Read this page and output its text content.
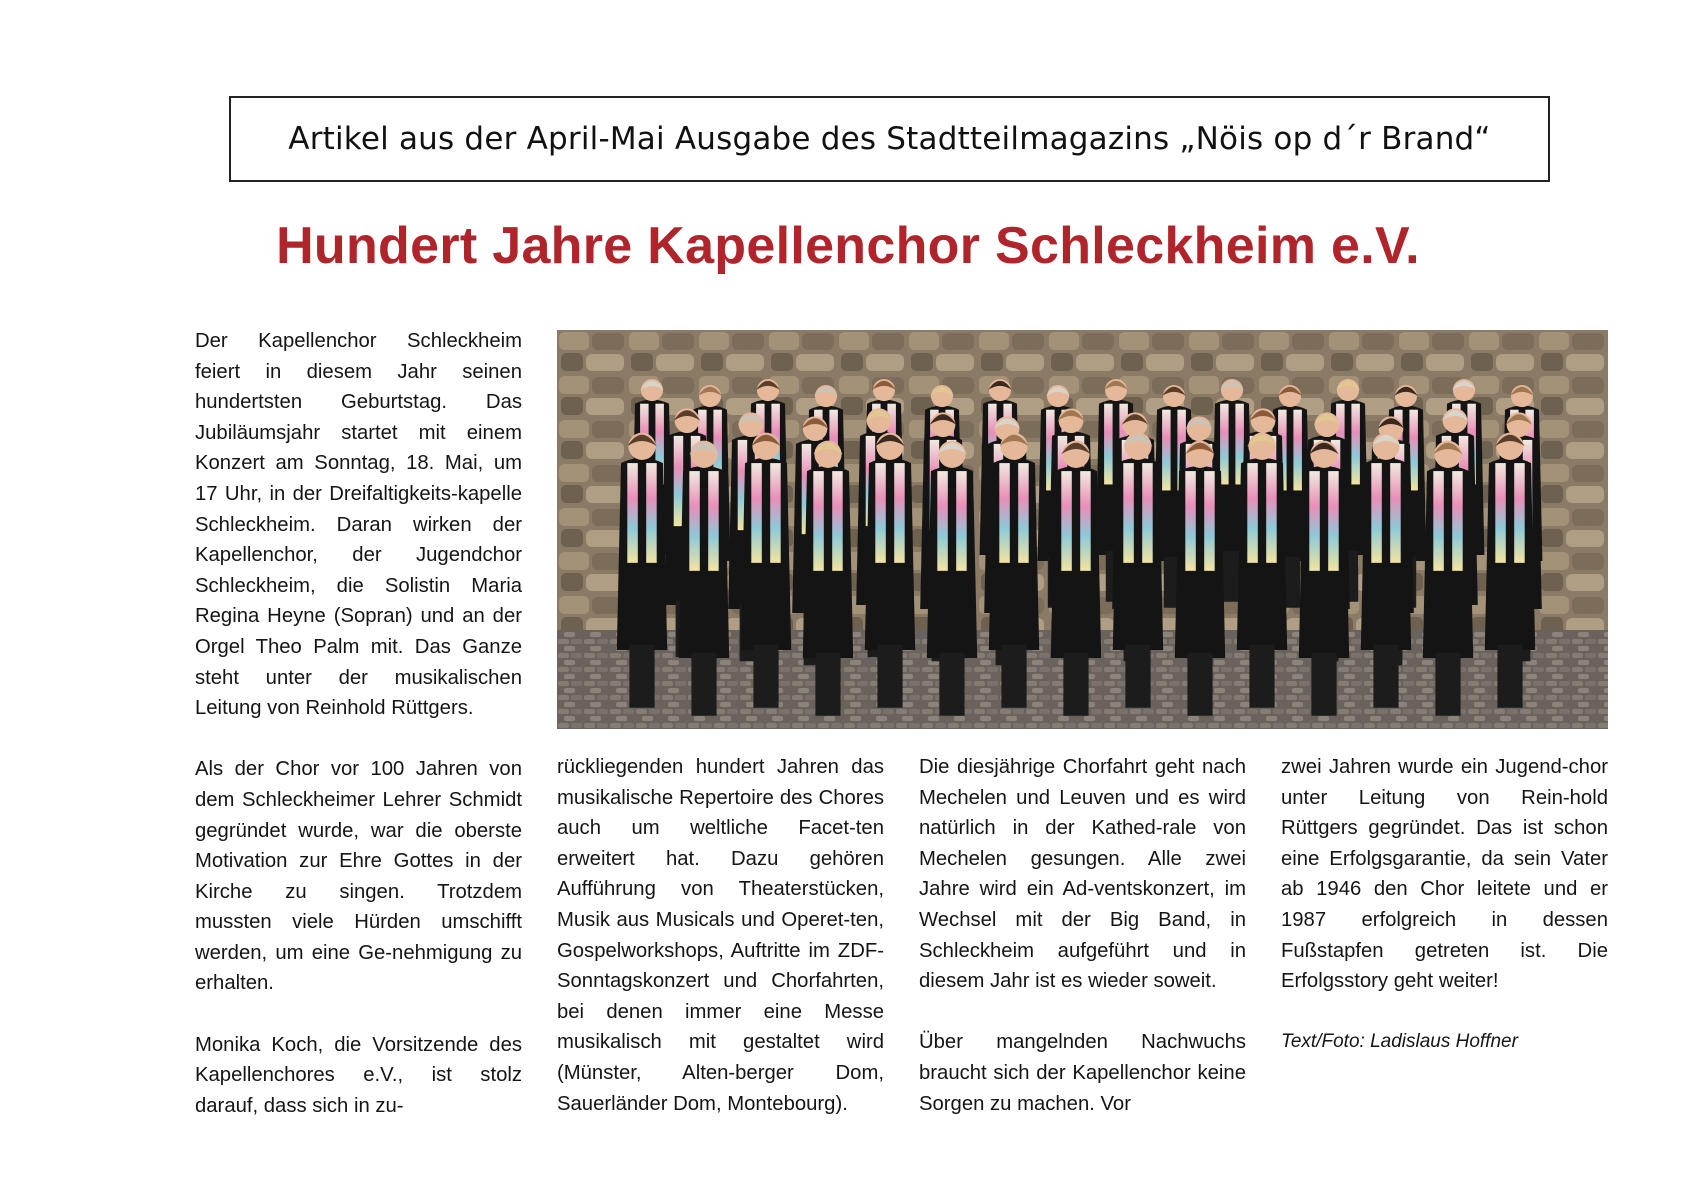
Artikel aus der April-Mai Ausgabe des Stadtteilmagazins „Nöis op d´r Brand“
Hundert Jahre Kapellenchor Schleckheim e.V.

Der Kapellenchor Schleckheim feiert in diesem Jahr seinen hundertsten Geburtstag. Das Jubiläumsjahr startet mit einem Konzert am Sonntag, 18. Mai, um 17 Uhr, in der Dreifaltigkeits-kapelle Schleckheim. Daran wirken der Kapellenchor, der Jugendchor Schleckheim, die Solistin Maria Regina Heyne (Sopran) und an der Orgel Theo Palm mit. Das Ganze steht unter der musikalischen Leitung von Reinhold Rüttgers.

Als der Chor vor 100 Jahren von dem Schleckheimer Lehrer Schmidt gegründet wurde, war die oberste Motivation zur Ehre Gottes in der Kirche zu singen. Trotzdem mussten viele Hürden umschifft werden, um eine Ge-nehmigung zu erhalten.

Monika Koch, die Vorsitzende des Kapellenchores e.V., ist stolz darauf, dass sich in zu-

rückliegenden hundert Jahren das musikalische Repertoire des Chores auch um weltliche Facet-ten erweitert hat. Dazu gehören Aufführung von Theaterstücken, Musik aus Musicals und Operet-ten, Gospelworkshops, Auftritte im ZDF-Sonntagskonzert und Chorfahrten, bei denen immer eine Messe musikalisch mit gestaltet wird (Münster, Alten-berger Dom, Sauerländer Dom, Montebourg).

Die diesjährige Chorfahrt geht nach Mechelen und Leuven und es wird natürlich in der Kathed-rale von Mechelen gesungen. Alle zwei Jahre wird ein Ad-ventskonzert, im Wechsel mit der Big Band, in Schleckheim aufgeführt und in diesem Jahr ist es wieder soweit.

Über mangelnden Nachwuchs braucht sich der Kapellenchor keine Sorgen zu machen. Vor

zwei Jahren wurde ein Jugend-chor unter Leitung von Rein-hold Rüttgers gegründet. Das ist schon eine Erfolgsgarantie, da sein Vater ab 1946 den Chor leitete und er 1987 erfolgreich in dessen Fußstapfen getreten ist. Die Erfolgsstory geht weiter!

Text/Foto: Ladislaus Hoffner
